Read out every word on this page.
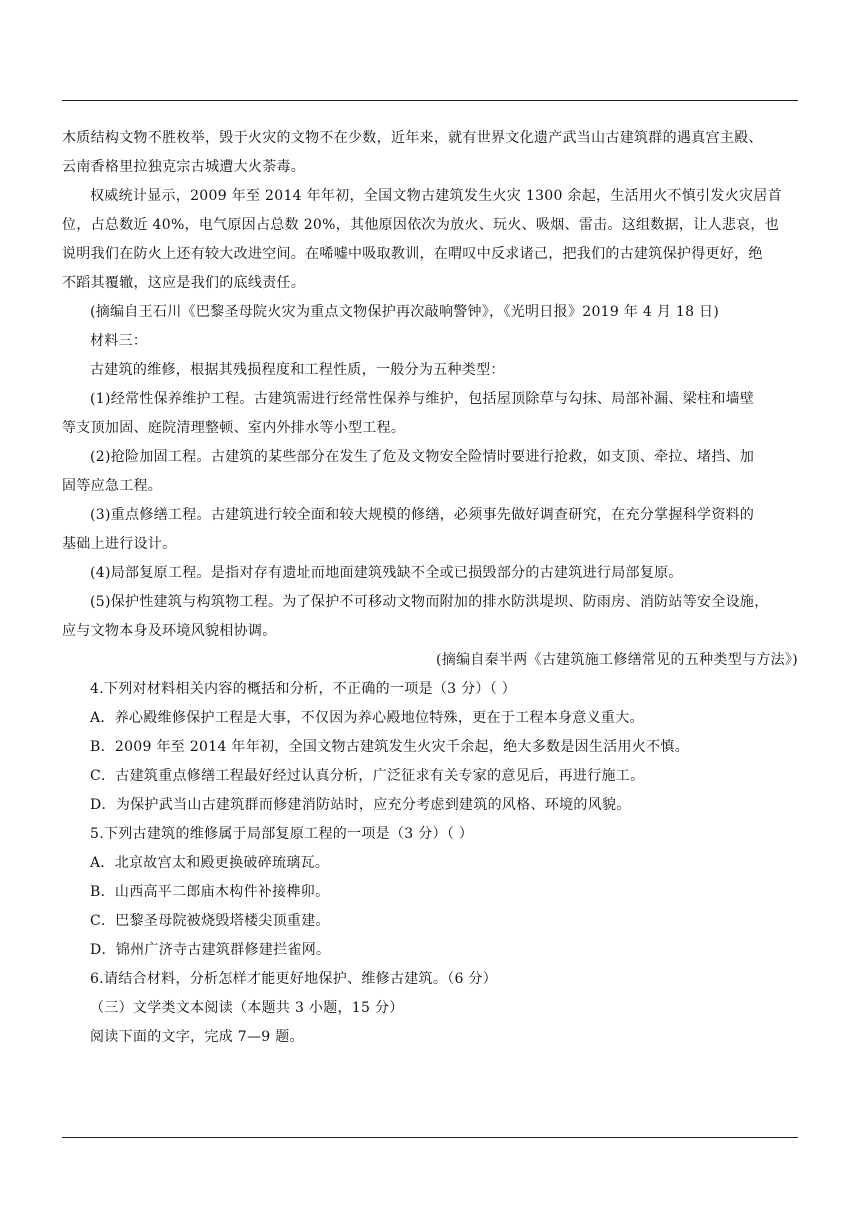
木质结构文物不胜枚举，毁于火灾的文物不在少数，近年来，就有世界文化遗产武当山古建筑群的遇真宫主殿、

云南香格里拉独克宗古城遭大火荼毒。

权威统计显示，2009 年至 2014 年年初，全国文物古建筑发生火灾 1300 余起，生活用火不慎引发火灾居首

位，占总数近 40%，电气原因占总数 20%，其他原因依次为放火、玩火、吸烟、雷击。这组数据，让人悲哀，也

说明我们在防火上还有较大改进空间。在唏嘘中吸取教训，在喟叹中反求诸己，把我们的古建筑保护得更好，绝

不蹈其覆辙，这应是我们的底线责任。

(摘编自王石川《巴黎圣母院火灾为重点文物保护再次敲响警钟》，《光明日报》2019 年 4 月 18 日)

材料三：

古建筑的维修，根据其残损程度和工程性质，一般分为五种类型：

(1)经常性保养维护工程。古建筑需进行经常性保养与维护，包括屋顶除草与勾抹、局部补漏、梁柱和墙壁

等支顶加固、庭院清理整顿、室内外排水等小型工程。

(2)抢险加固工程。古建筑的某些部分在发生了危及文物安全险情时要进行抢救，如支顶、牵拉、堵挡、加

固等应急工程。

(3)重点修缮工程。古建筑进行较全面和较大规模的修缮，必须事先做好调查研究，在充分掌握科学资料的

基础上进行设计。

(4)局部复原工程。是指对存有遗址而地面建筑残缺不全或已损毁部分的古建筑进行局部复原。

(5)保护性建筑与构筑物工程。为了保护不可移动文物而附加的排水防洪堤坝、防雨房、消防站等安全设施，

应与文物本身及环境风貌相协调。

(摘编自秦半两《古建筑施工修缮常见的五种类型与方法》)

4.下列对材料相关内容的概括和分析，不正确的一项是（3 分）（ ）

A．养心殿维修保护工程是大事，不仅因为养心殿地位特殊，更在于工程本身意义重大。

B．2009 年至 2014 年年初，全国文物古建筑发生火灾千余起，绝大多数是因生活用火不慎。

C．古建筑重点修缮工程最好经过认真分析，广泛征求有关专家的意见后，再进行施工。

D．为保护武当山古建筑群而修建消防站时，应充分考虑到建筑的风格、环境的风貌。

5.下列古建筑的维修属于局部复原工程的一项是（3 分）（ ）

A．北京故宫太和殿更换破碎琉璃瓦。

B．山西高平二郎庙木构件补接榫卯。

C．巴黎圣母院被烧毁塔楼尖顶重建。

D．锦州广济寺古建筑群修建拦雀网。

6.请结合材料，分析怎样才能更好地保护、维修古建筑。（6 分）

（三）文学类文本阅读（本题共 3 小题，15 分）

阅读下面的文字，完成 7—9 题。
